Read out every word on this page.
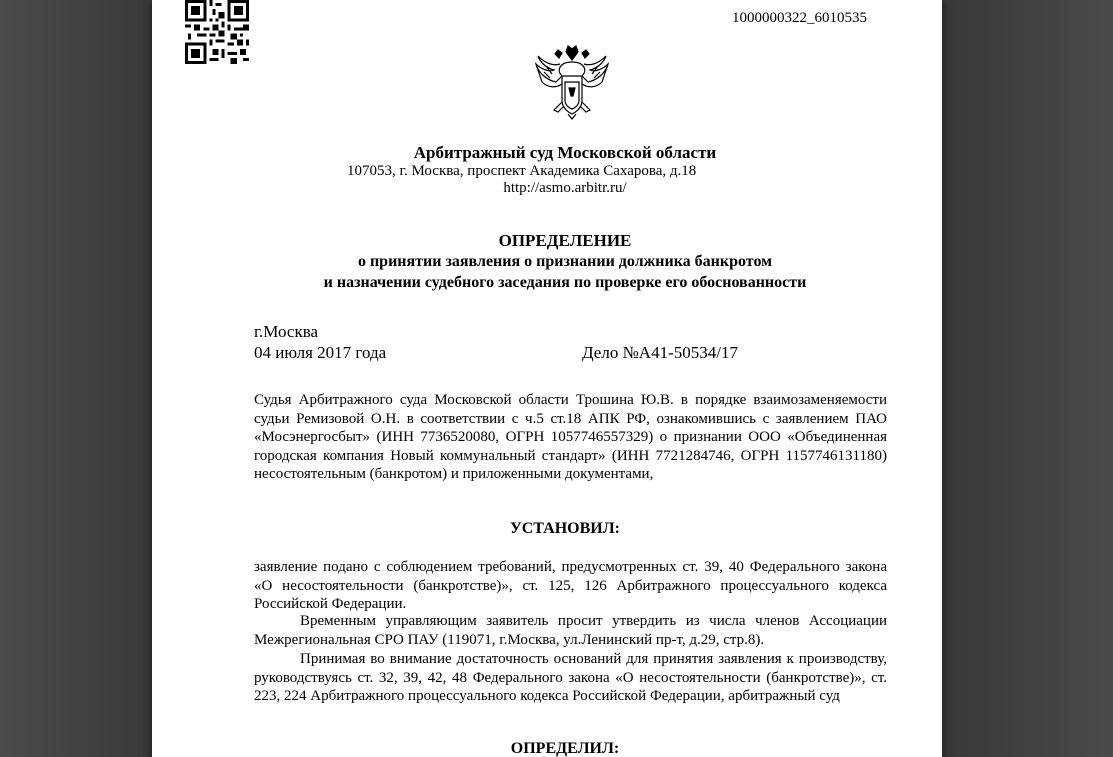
1000000322_6010535
Арбитражный суд Московской области
107053, г. Москва, проспект Академика Сахарова, д.18
http://asmo.arbitr.ru/
ОПРЕДЕЛЕНИЕ
о принятии заявления о признании должника банкротом
и назначении судебного заседания по проверке его обоснованности
г.Москва
04 июля 2017 года	Дело №А41-50534/17
Судья Арбитражного суда Московской области Трошина Ю.В. в порядке взаимозаменяемости судьи Ремизовой О.Н. в соответствии с ч.5 ст.18 АПК РФ, ознакомившись с заявлением ПАО «Мосэнергосбыт» (ИНН 7736520080, ОГРН 1057746557329) о признании ООО «Объединенная городская компания Новый коммунальный стандарт» (ИНН 7721284746, ОГРН 1157746131180) несостоятельным (банкротом) и приложенными документами,
УСТАНОВИЛ:
заявление подано с соблюдением требований, предусмотренных ст. 39, 40 Федерального закона «О несостоятельности (банкротстве)», ст. 125, 126 Арбитражного процессуального кодекса Российской Федерации.
Временным управляющим заявитель просит утвердить из числа членов Ассоциации Межрегиональная СРО ПАУ (119071, г.Москва, ул.Ленинский пр-т, д.29, стр.8).
Принимая во внимание достаточность оснований для принятия заявления к производству, руководствуясь ст. 32, 39, 42, 48 Федерального закона «О несостоятельности (банкротстве)», ст. 223, 224 Арбитражного процессуального кодекса Российской Федерации, арбитражный суд
ОПРЕДЕЛИЛ:
